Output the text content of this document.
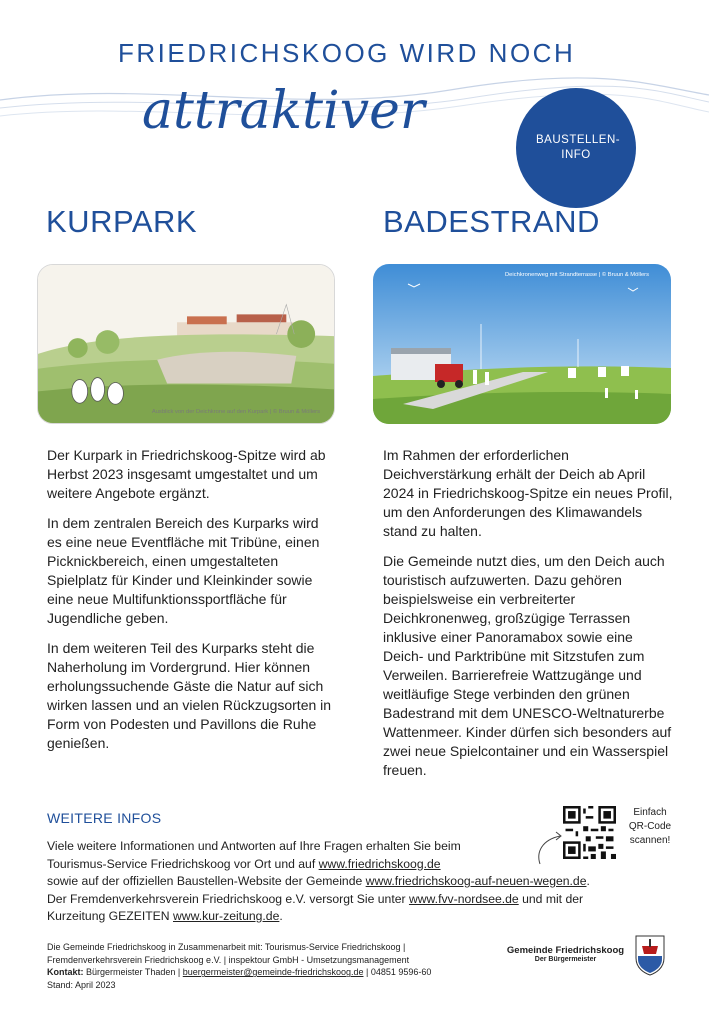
FRIEDRICHSKOOG WIRD NOCH
attraktiver	BAUSTELLEN-INFO
KURPARK	BADESTRAND
Ausblick von der Deichkrone auf den Kurpark | © Bruun & Möllers
Deichkronenweg mit Strandterrasse | © Bruun & Möllers

Der Kurpark in Friedrichskoog-Spitze wird ab Herbst 2023 insgesamt umgestaltet und um weitere Angebote ergänzt.

In dem zentralen Bereich des Kurparks wird es eine neue Eventfläche mit Tribüne, einen Picknickbereich, einen umgestalteten Spielplatz für Kinder und Kleinkinder sowie eine neue Multifunktionssportfläche für Jugendliche geben.

In dem weiteren Teil des Kurparks steht die Naherholung im Vordergrund. Hier können erholungssuchende Gäste die Natur auf sich wirken lassen und an vielen Rückzugsorten in Form von Podesten und Pavillons die Ruhe genießen.

Im Rahmen der erforderlichen Deichverstärkung erhält der Deich ab April 2024 in Friedrichskoog-Spitze ein neues Profil, um den Anforderungen des Klimawandels stand zu halten.

Die Gemeinde nutzt dies, um den Deich auch touristisch aufzuwerten. Dazu gehören beispielsweise ein verbreiterter Deichkronenweg, großzügige Terrassen inklusive einer Panoramabox sowie eine Deich- und Parktribüne mit Sitzstufen zum Verweilen. Barrierefreie Wattzugänge und weitläufige Stege verbinden den grünen Badestrand mit dem UNESCO-Weltnaturerbe Wattenmeer. Kinder dürfen sich besonders auf zwei neue Spielcontainer und ein Wasserspiel freuen.

WEITERE INFOS
Viele weitere Informationen und Antworten auf Ihre Fragen erhalten Sie beim
Tourismus-Service Friedrichskoog vor Ort und auf www.friedrichskoog.de
sowie auf der offiziellen Baustellen-Website der Gemeinde www.friedrichskoog-auf-neuen-wegen.de.
Der Fremdenverkehrsverein Friedrichskoog e.V. versorgt Sie unter www.fvv-nordsee.de und mit der
Kurzeitung GEZEITEN www.kur-zeitung.de.
Einfach QR-Code scannen!
Die Gemeinde Friedrichskoog in Zusammenarbeit mit: Tourismus-Service Friedrichskoog |
Fremdenverkehrsverein Friedrichskoog e.V. | inspektour GmbH - Umsetzungsmanagement
Kontakt: Bürgermeister Thaden | buergermeister@gemeinde-friedrichskoog.de | 04851 9596-60
Stand: April 2023
Gemeinde Friedrichskoog
Der Bürgermeister
